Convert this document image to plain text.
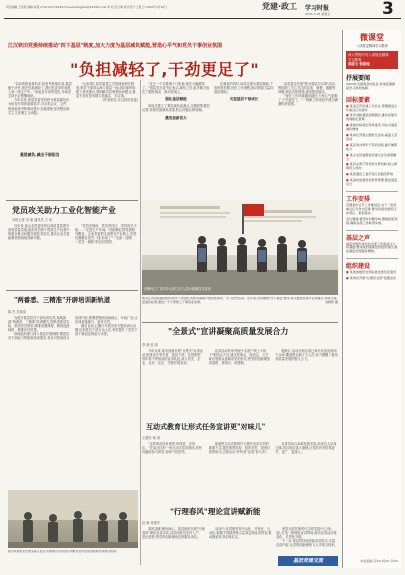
责任编辑 王思思 编辑 杨苗 0791-8657XXXX E-mail:dangjian@XXXXX.com 审 校 张玉梅 版式设计 王曼 日 2025年3月28日	党建·政工 学习时报
2025.3.28 星期五	3
江汉铁田党委持续推动"四下基层"制度,加大力度为基层减负赋能,营造心平气和党员干事创业氛围
"负担减轻了,干劲更足了"
"以前的报表材料多,检查考核频次高,基层疲于应付,现在负担减轻了,我们有更多时间投入到一线生产中。"谈起近年来的变化,车间党支部书记感慨地说。
今年以来,该局党委坚持把为基层减负作为转变作风的重要抓手,对各类会议、文件、督查检查考核事项进行全面清理,坚决整治形式主义官僚主义问题。
与此同时,局党委建立完善调查研究制度,领导干部带头深入基层一线,面对面听取职工意见建议,帮助解决急难愁盼问题,让基层干部有更多精力抓落实、办实事。
(作者单位:江汉铁田党委)
基层减负,减出干部担当
"过去一个月要填十几张表,现在大幅精简了。"基层党支部书记表示,减负之后,更多精力放在了服务群众、推动发展上。
强化基层赋能
该局还建立了基层减负监测点,定期收集基层反馈,持续巩固减负成果,防止问题反弹回潮。
激发创新活力
在减负的同时,该局注重为基层赋能,下放审批权限,优化工作流程,推动资源力量向基层倾斜。
关爱基层干部成长
局党委还开展"我为基层办实事"活动,围绕职工关心关注的住宿、就餐、通勤等问题,制定具体措施,逐项推进落实。
"现在工作环境越来越好,大家心气更顺了,干劲更足了。"一线职工的话语中透出满满的获得感。
党员攻关助力工业化智能产业
本报记者 刘 聪 通讯员 王 伟
近年来,某企业党委坚持以高质量党建引领高质量发展,组织党员骨干围绕生产经营中的重点难点问题开展技术攻关,推动企业在智能制造领域取得新突破。
"党员先锋岗、党员责任区、党员攻关小组……"走进生产车间,一面面鲜红的党旗格外醒目。企业党委把支部建在产业链上,把党员凝聚在攻关一线,形成了"一支部一品牌、一党员一旗帜"的良好氛围。
"两番悉、三精准"开辟培训新轨道
陈 杰 吴德清
为提升基层党员干部培训实效,某地探索"两番悉、三精准"培训模式,即熟悉基层实际、熟悉党员需求,精准设置课程、精准选派师资、精准评估效果。
该地组织部门深入基层开展调研,摸清党员干部能力短板和培训需求,有针对性地设计培训内容,把课堂搬到田间地头、车间厂房,让培训更接地气、更有实效。
截至目前,已累计开展各类专题培训百余期,培训党员干部万余人次,有效提升了党员干部干事创业的能力本领。
在赣州工厂技术中心的工作人员介绍新技术应用
图为江西省铁路局组织青年干部到红色教育基地开展党性教育、学习党史活动。近年来,该局聚焦"四下基层"要求,深入推进党建与业务融合,持续为基层减负松绑,激发广大干部职工干事创业热情。	刘晓阳 摄
"全景式"宣讲凝聚高质量发展合力
李 晓 张 明
今年以来,某市创新开展"全景式"宣讲活动,组建由专家学者、基层干部、先进典型、青年骨干等组成的宣讲队伍,深入机关、企业、农村、社区、学校开展宣讲。
宣讲活动采用"理论+实践""线上+线下"相结合方式,通过故事会、座谈会、文艺演出等群众喜闻乐见的形式,把党的创新理论讲清楚、讲明白、讲透彻。
据统计,活动开展以来已举办各类宣讲两千余场,覆盖群众数十万人次,有力凝聚了推动高质量发展的强大合力。
互动式教育让形式任务宣讲更"对味儿"
王德民 杨 涛
"这样的宣讲有意思,听得进、记得住。"在某社区的一场互动式宣讲现场,居民们踊跃参与问答,现场气氛热烈。
某地把互动式教育作为提升宣讲实效的重要方式,通过情景再现、知识竞答、现场讨论等形式,让群众从"旁听者"变成"参与者"。
宣讲员结合本地发展实际,用身边人讲身边事,用百姓话讲大道理,让党的声音传得更开、更广、更深入。
"行理春风"理论宣讲赋新能
赵 敏 周建华
春风送暖,理论润心。某县组织开展"行理春风"理论宣讲活动,宣讲团成员走村入户、进企进校,把党的创新理论送到群众身边。
活动中,宣讲团坚持分众化、对象化、互动化,根据不同群体特点量身定制宣讲内容,推动理论宣讲走深走实。
图为某地党员志愿者深入社区开展理论宣讲活动,向群众宣传党的创新理论和惠民政策。
该县还依托新时代文明实践中心(所、站),打造一批理论宣讲阵地,推动宣讲活动常态化、长效化开展。
下一步,该县将持续创新宣讲形式,丰富宣讲内容,让党的创新理论飞入寻常百姓家。
基层党建交流
微课堂
八项规定精神学习教育
深入贯彻中央八项规定精神
学习教育
读原文 悟原理
抒展要闻
2025年全国两会结束后,各地迅速掀起学习贯彻热潮。
回标要素
● 某省召开党建工作会议,部署推进全年重点任务落实
● 某市创新基层治理模式,推动党建引领网格化管理
● 某地持续深化作风建设,切实为基层减负增效
● 某单位开展主题党日活动,重温入党誓词
● 某区举办青年干部培训班,提升履职能力
● 某企业党委推进党建与业务深度融合
● 某县完善干部考核评价机制,树立鲜明用人导向
● 某街道党工委打造红色服务阵地
● 某高校加强党员教育管理,激发基层活力
工作安排
近期某市召开工作推进会,对下一阶段重点任务作出安排,要求各级党组织压实责任、狠抓落实。
会议强调,要坚持问题导向,聚焦短板弱项,确保各项工作取得实效。
基层之声
基层党组织是党的全部工作和战斗力的基础,要持续加强基层党组织建设,推动基层治理提质增效。
组织建设
● 某地加强党支部标准化规范化建设
● 某单位开展"红旗党支部"创建活动
本版编辑 邵XX 杨XX 李XX
